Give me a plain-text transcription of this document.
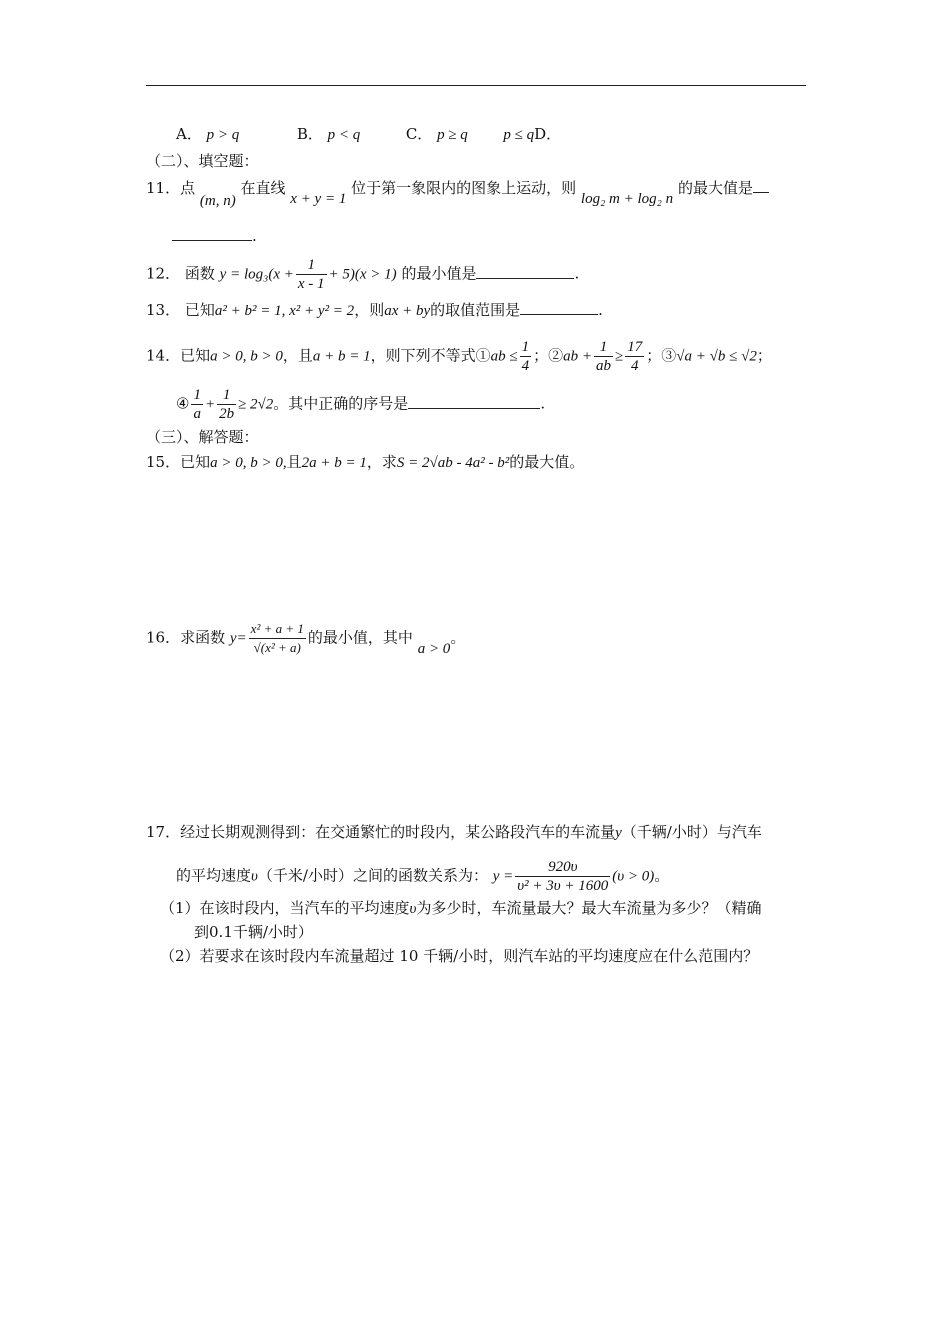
A． p > q	B． p < q	C． p ≥ q p ≤ qD．
（二）、填空题：
11．点 (m, n) 在直线 x + y = 1 位于第一象限内的图象上运动，则 log₂ m + log₂ n 的最大值是
.
12． 函数 $y = \log_3(x + \frac{1}{x - 1} + 5)(x > 1)$ 的最小值是	.
13． 已知a² + b² = 1, x² + y² = 2，则ax + by的取值范围是	.
14．已知a > 0, b > 0，且a + b = 1，则下列不等式①ab ≤ $\frac{1}{4}$ ；②ab + $\frac{1}{ab} \ge \frac{17}{4}$ ；③√a + √b ≤ √2；
④ $\frac{1}{a} + \frac{1}{2b} \ge 2√2$。其中正确的序号是	.
（三）、解答题：
15．已知a > 0, b > 0,且2a + b = 1，求S = 2√ab - 4a² - b²的最大值。
16．求函数 $y= \frac{\text{x² + a + 1}}{\text{√(x² + a)}}$ 的最小值，其中 a > 0。
17．经过长期观测得到：在交通繁忙的时段内，某公路段汽车的车流量y（千辆/小时）与汽车
的平均速度υ（千米/小时）之间的函数关系为： $y = \frac{920\upsilon}{\text{υ² + 3υ + 1600}} (\upsilon > 0)$。
（1）在该时段内，当汽车的平均速度υ为多少时，车流量最大？最大车流量为多少？（精确
到0.1千辆/小时）
（2）若要求在该时段内车流量超过 10 千辆/小时，则汽车站的平均速度应在什么范围内？
